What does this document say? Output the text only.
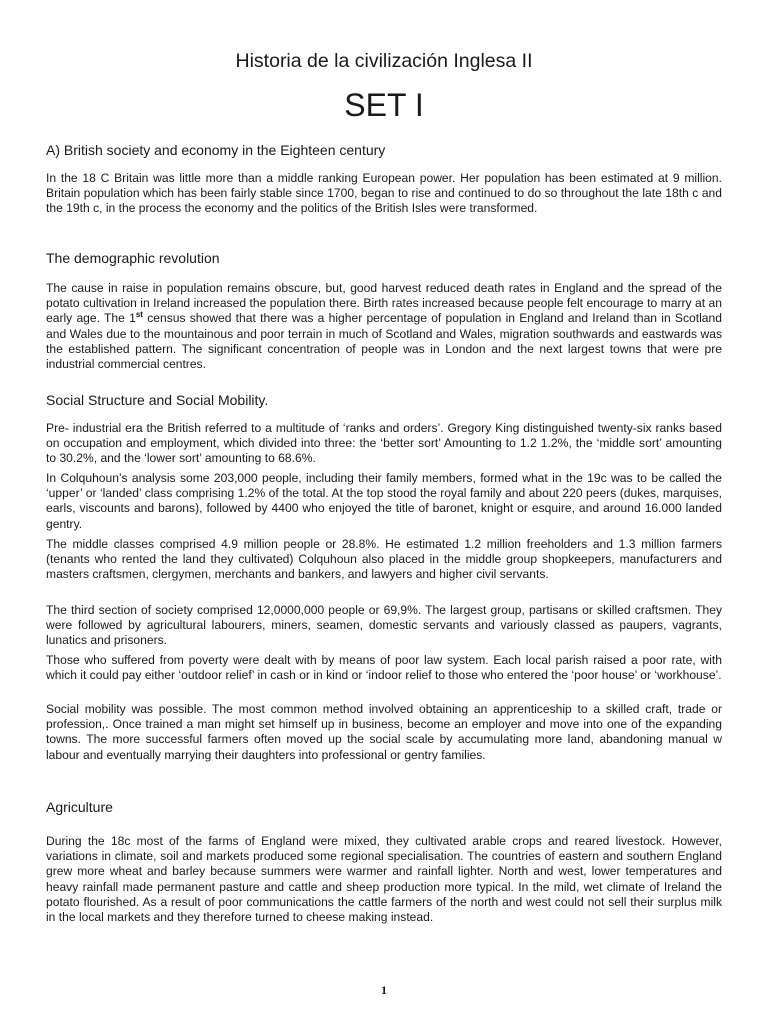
Historia de la civilización Inglesa II
SET I
A) British society and economy in the Eighteen century

In the 18 C Britain was little more than a middle ranking European power. Her population has been estimated at 9 million. Britain population which has been fairly stable since 1700, began to rise and continued to do so throughout the late 18th c and the 19th c, in the process the economy and the politics of the British Isles were transformed.

The demographic revolution

The cause in raise in population remains obscure, but, good harvest reduced death rates in England and the spread of the potato cultivation in Ireland increased the population there. Birth rates increased because people felt encourage to marry at an early age. The 1st census showed that there was a higher percentage of population in England and Ireland than in Scotland and Wales due to the mountainous and poor terrain in much of Scotland and Wales, migration southwards and eastwards was the established pattern. The significant concentration of people was in London and the next largest towns that were pre industrial commercial centres.

Social Structure and Social Mobility.

Pre- industrial era the British referred to a multitude of ‘ranks and orders’. Gregory King distinguished twenty-six ranks based on occupation and employment, which divided into three: the ‘better sort’ Amounting to 1.2 1.2%, the ‘middle sort’ amounting to 30.2%, and the ‘lower sort’ amounting to 68.6%.

In Colquhoun’s analysis some 203,000 people, including their family members, formed what in the 19c was to be called the ‘upper’ or ‘landed’ class comprising 1.2% of the total. At the top stood the royal family and about 220 peers (dukes, marquises, earls, viscounts and barons), followed by 4400 who enjoyed the title of baronet, knight or esquire, and around 16.000 landed gentry.

The middle classes comprised 4.9 million people or 28.8%. He estimated 1.2 million freeholders and 1.3 million farmers (tenants who rented the land they cultivated) Colquhoun also placed in the middle group shopkeepers, manufacturers and masters craftsmen, clergymen, merchants and bankers, and lawyers and higher civil servants.

The third section of society comprised 12,0000,000 people or 69,9%. The largest group, partisans or skilled craftsmen. They were followed by agricultural labourers, miners, seamen, domestic servants and variously classed as paupers, vagrants, lunatics and prisoners.

Those who suffered from poverty were dealt with by means of poor law system. Each local parish raised a poor rate, with which it could pay either ‘outdoor relief’ in cash or in kind or ‘indoor relief to those who entered the ‘poor house’ or ‘workhouse’.

Social mobility was possible. The most common method involved obtaining an apprenticeship to a skilled craft, trade or profession,. Once trained a man might set himself up in business, become an employer and move into one of the expanding towns. The more successful farmers often moved up the social scale by accumulating more land, abandoning manual w labour and eventually marrying their daughters into professional or gentry families.

Agriculture

During the 18c most of the farms of England were mixed, they cultivated arable crops and reared livestock. However, variations in climate, soil and markets produced some regional specialisation. The countries of eastern and southern England grew more wheat and barley because summers were warmer and rainfall lighter. North and west, lower temperatures and heavy rainfall made permanent pasture and cattle and sheep production more typical. In the mild, wet climate of Ireland the potato flourished. As a result of poor communications the cattle farmers of the north and west could not sell their surplus milk in the local markets and they therefore turned to cheese making instead.

1
